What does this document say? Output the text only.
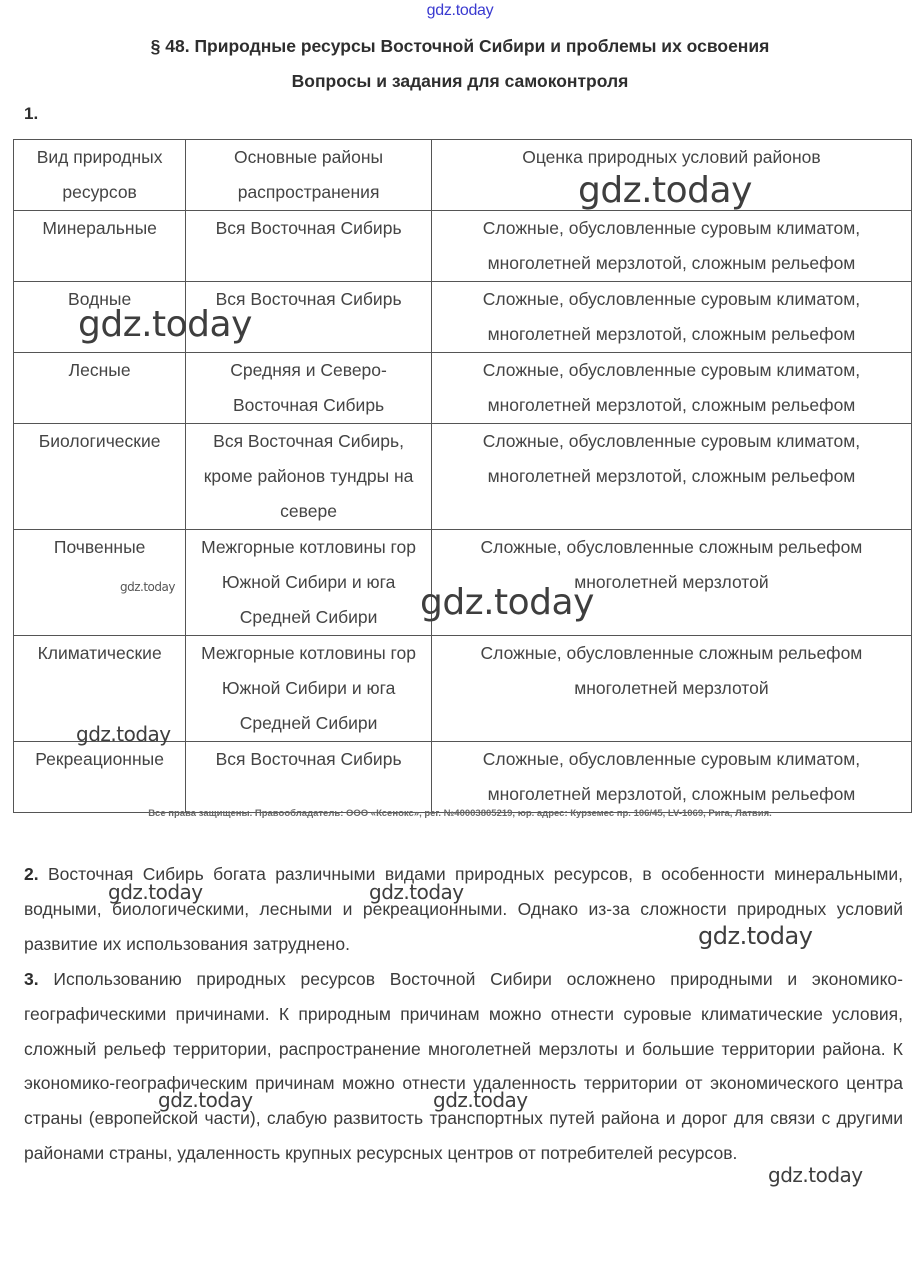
gdz.today
§ 48. Природные ресурсы Восточной Сибири и проблемы их освоения
Вопросы и задания для самоконтроля
1.
Вид природных ресурсов	Основные районы распространения	Оценка природных условий районов
Минеральные	Вся Восточная Сибирь	Сложные, обусловленные суровым климатом, многолетней мерзлотой, сложным рельефом
Водные	Вся Восточная Сибирь	Сложные, обусловленные суровым климатом, многолетней мерзлотой, сложным рельефом
Лесные	Средняя и Северо-Восточная Сибирь	Сложные, обусловленные суровым климатом, многолетней мерзлотой, сложным рельефом
Биологические	Вся Восточная Сибирь, кроме районов тундры на севере	Сложные, обусловленные суровым климатом, многолетней мерзлотой, сложным рельефом
Почвенные	Межгорные котловины гор Южной Сибири и юга Средней Сибири	Сложные, обусловленные сложным рельефом многолетней мерзлотой
Климатические	Межгорные котловины гор Южной Сибири и юга Средней Сибири	Сложные, обусловленные сложным рельефом многолетней мерзлотой
Рекреационные	Вся Восточная Сибирь	Сложные, обусловленные суровым климатом, многолетней мерзлотой, сложным рельефом
Все права защищены. Правообладатель: ООО «Ксенокс», рег. №40003805219, юр. адрес: Курземес пр. 106/45, LV-1069, Рига, Латвия.
2. Восточная Сибирь богата различными видами природных ресурсов, в особенности минеральными, водными, биологическими, лесными и рекреационными. Однако из-за сложности природных условий развитие их использования затруднено.
3. Использованию природных ресурсов Восточной Сибири осложнено природными и экономико-географическими причинами. К природным причинам можно отнести суровые климатические условия, сложный рельеф территории, распространение многолетней мерзлоты и большие территории района. К экономико-географическим причинам можно отнести удаленность территории от экономического центра страны (европейской части), слабую развитость транспортных путей района и дорог для связи с другими районами страны, удаленность крупных ресурсных центров от потребителей ресурсов.
gdz.today
gdz.today
gdz.today	gdz.today
gdz.today
gdz.today	gdz.today
gdz.today
gdz.today	gdz.today
gdz.today
